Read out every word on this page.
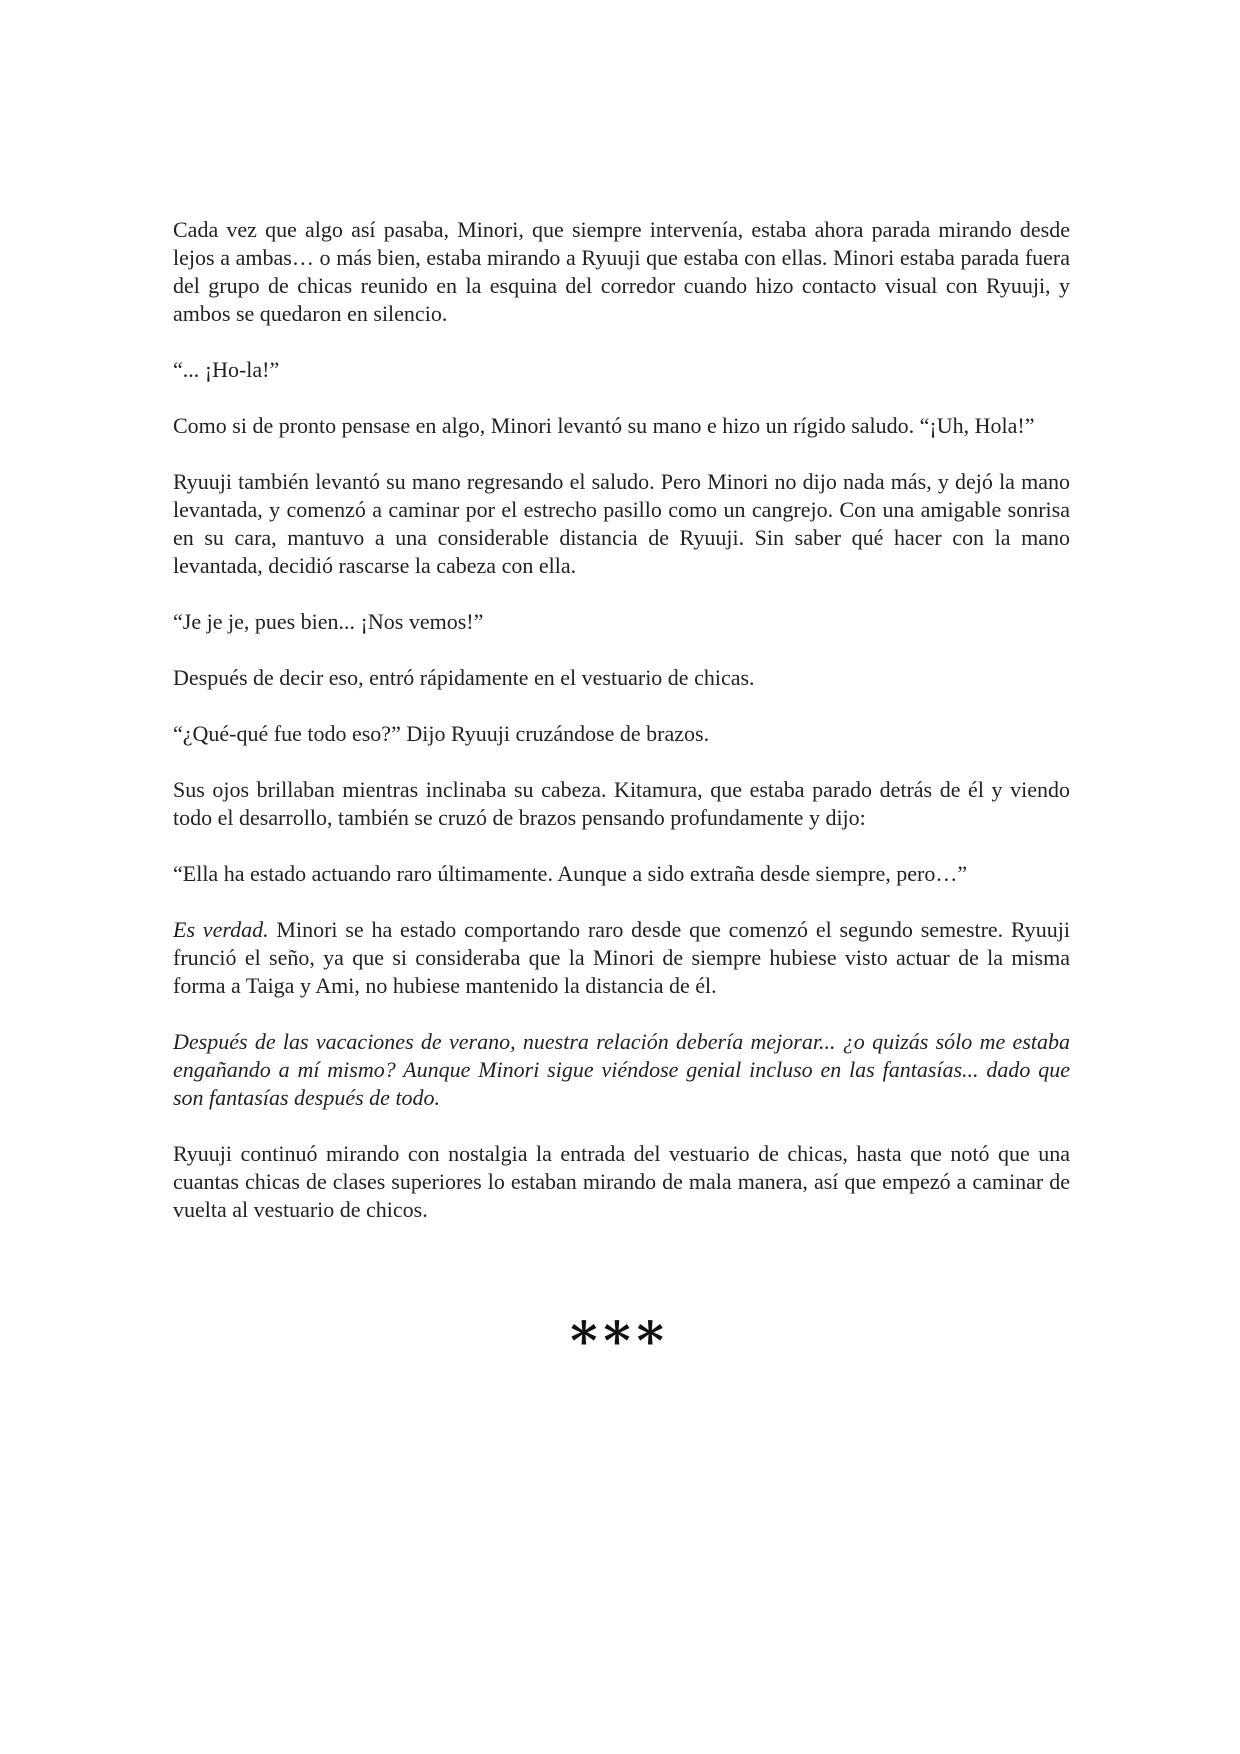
Cada vez que algo así pasaba, Minori, que siempre intervenía, estaba ahora parada mirando desde lejos a ambas… o más bien, estaba mirando a Ryuuji que estaba con ellas. Minori estaba parada fuera del grupo de chicas reunido en la esquina del corredor cuando hizo contacto visual con Ryuuji, y ambos se quedaron en silencio.

“... ¡Ho-la!”

Como si de pronto pensase en algo, Minori levantó su mano e hizo un rígido saludo. “¡Uh, Hola!”

Ryuuji también levantó su mano regresando el saludo. Pero Minori no dijo nada más, y dejó la mano levantada, y comenzó a caminar por el estrecho pasillo como un cangrejo. Con una amigable sonrisa en su cara, mantuvo a una considerable distancia de Ryuuji. Sin saber qué hacer con la mano levantada, decidió rascarse la cabeza con ella.

“Je je je, pues bien... ¡Nos vemos!”

Después de decir eso, entró rápidamente en el vestuario de chicas.

“¿Qué-qué fue todo eso?” Dijo Ryuuji cruzándose de brazos.

Sus ojos brillaban mientras inclinaba su cabeza. Kitamura, que estaba parado detrás de él y viendo todo el desarrollo, también se cruzó de brazos pensando profundamente y dijo:

“Ella ha estado actuando raro últimamente. Aunque a sido extraña desde siempre, pero…”

Es verdad. Minori se ha estado comportando raro desde que comenzó el segundo semestre. Ryuuji frunció el seño, ya que si consideraba que la Minori de siempre hubiese visto actuar de la misma forma a Taiga y Ami, no hubiese mantenido la distancia de él.

Después de las vacaciones de verano, nuestra relación debería mejorar... ¿o quizás sólo me estaba engañando a mí mismo? Aunque Minori sigue viéndose genial incluso en las fantasías... dado que son fantasías después de todo.

Ryuuji continuó mirando con nostalgia la entrada del vestuario de chicas, hasta que notó que una cuantas chicas de clases superiores lo estaban mirando de mala manera, así que empezó a caminar de vuelta al vestuario de chicos.

***
